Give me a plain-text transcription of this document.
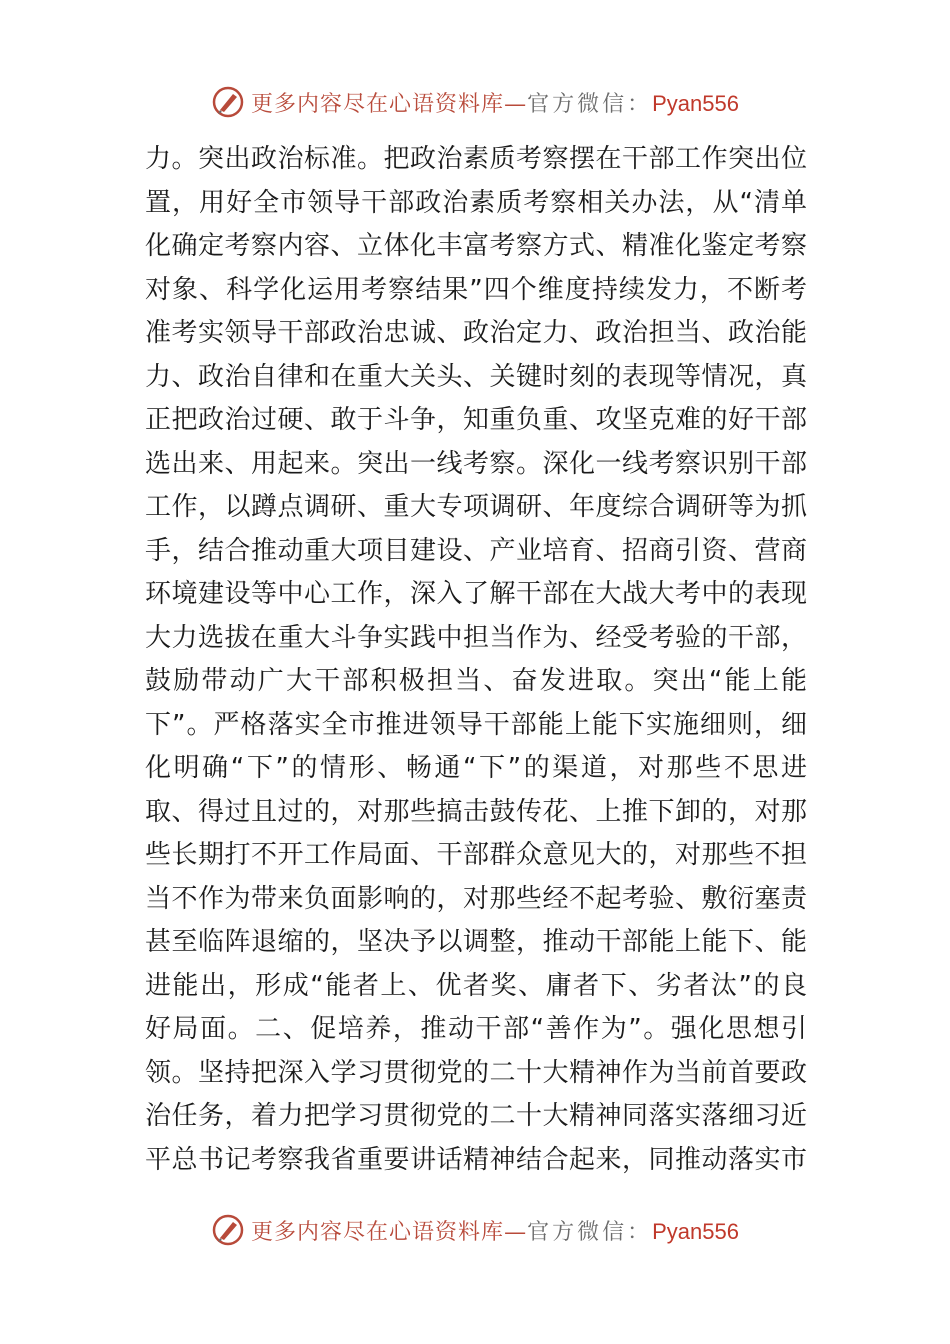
更多内容尽在心语资料库—官方微信：Pyan556
力。突出政治标准。把政治素质考察摆在干部工作突出位
置，用好全市领导干部政治素质考察相关办法，从“清单
化确定考察内容、立体化丰富考察方式、精准化鉴定考察
对象、科学化运用考察结果”四个维度持续发力，不断考
准考实领导干部政治忠诚、政治定力、政治担当、政治能
力、政治自律和在重大关头、关键时刻的表现等情况，真
正把政治过硬、敢于斗争，知重负重、攻坚克难的好干部
选出来、用起来。突出一线考察。深化一线考察识别干部
工作，以蹲点调研、重大专项调研、年度综合调研等为抓
手，结合推动重大项目建设、产业培育、招商引资、营商
环境建设等中心工作，深入了解干部在大战大考中的表现
大力选拔在重大斗争实践中担当作为、经受考验的干部，
鼓励带动广大干部积极担当、奋发进取。突出“能上能
下”。严格落实全市推进领导干部能上能下实施细则，细
化明确“下”的情形、畅通“下”的渠道，对那些不思进
取、得过且过的，对那些搞击鼓传花、上推下卸的，对那
些长期打不开工作局面、干部群众意见大的，对那些不担
当不作为带来负面影响的，对那些经不起考验、敷衍塞责
甚至临阵退缩的，坚决予以调整，推动干部能上能下、能
进能出，形成“能者上、优者奖、庸者下、劣者汰”的良
好局面。二、促培养，推动干部“善作为”。强化思想引
领。坚持把深入学习贯彻党的二十大精神作为当前首要政
治任务，着力把学习贯彻党的二十大精神同落实落细习近
平总书记考察我省重要讲话精神结合起来，同推动落实市
更多内容尽在心语资料库—官方微信：Pyan556
